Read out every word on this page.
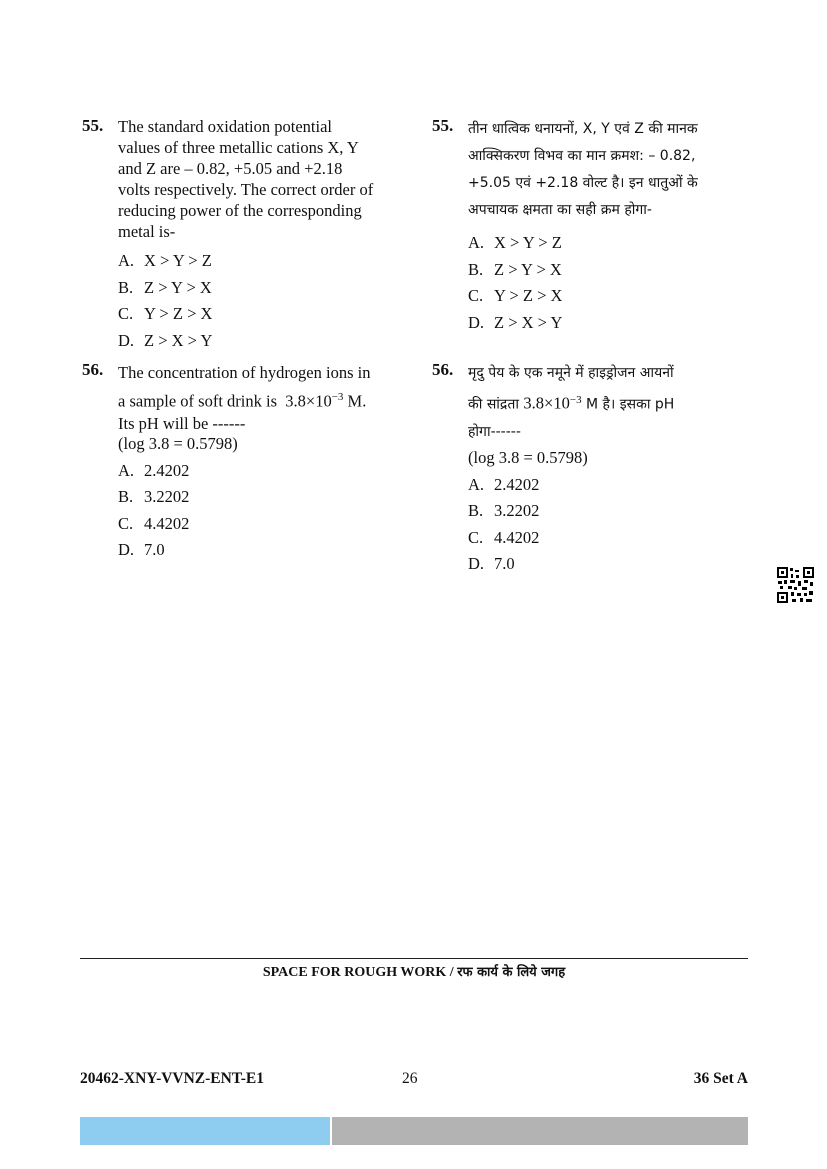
55. The standard oxidation potential

values of three metallic cations X, Y

and Z are – 0.82, +5.05 and +2.18

volts respectively. The correct order of

reducing power of the corresponding

metal is-

A. X > Y > Z
B. Z > Y > X
C. Y > Z > X
D. Z > X > Y
56. The concentration of hydrogen ions in

a sample of soft drink is $3.8\times 10^{-3}$ M.

Its pH will be ------

(log 3.8 = 0.5798)

A. 2.4202
B. 3.2202
C. 4.4202
D. 7.0
55. तीन धात्विक धनायनों, X, Y एवं Z की मानक

आक्सिकरण विभव का मान क्रमश: – 0.82,

+5.05 एवं +2.18 वोल्ट है। इन धातुओं के

अपचायक क्षमता का सही क्रम होगा-

A. X > Y > Z
B. Z > Y > X
C. Y > Z > X
D. Z > X > Y
56. मृदु पेय के एक नमूने में हाइड्रोजन आयनों

की सांद्रता $3.8\times 10^{-3}$ M है। इसका pH

होगा------

(log 3.8 = 0.5798)

A. 2.4202
B. 3.2202
C. 4.4202
D. 7.0
SPACE FOR ROUGH WORK / रफ कार्य के लिये जगह
20462-XNY-VVNZ-ENT-E1	26	36 Set A
